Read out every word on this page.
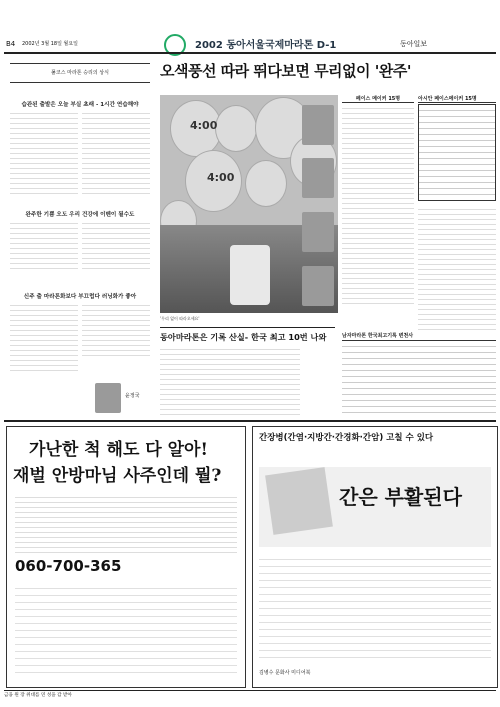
B4 2002년 3월 18일 월요일	2002 동아서울국제마라톤 D-1	동아일보
풀코스 마라톤 승리의 상식
습관된 출발은 오늘 부실 초래 - 1시간 연습해야
완주한 기쁨 오도 우리 건강에 이벤이 될수도
신주 출 마라톤화보다 부끄럽다 러닝화가 좋아
윤정국
오색풍선 따라 뛰다보면 무리없이 '완주'
4:00
4:00
'무리 없이 따라오세요'
페이스 메이커 15명	아시안 페이스메이커 15명
동아마라톤은 기록 산실- 한국 최고 10번 나와	남자마라톤 한국최고기록 변천사
가난한 척 해도 다 알아!
재벌 안방마님 사주인데 뭘?
060-700-365
간장병(간염·지방간·간경화·간암) 고칠 수 있다
간은 부활된다
김병수 문화사 미디어북
금융 원 장 위대를 연 성을 감 받아
